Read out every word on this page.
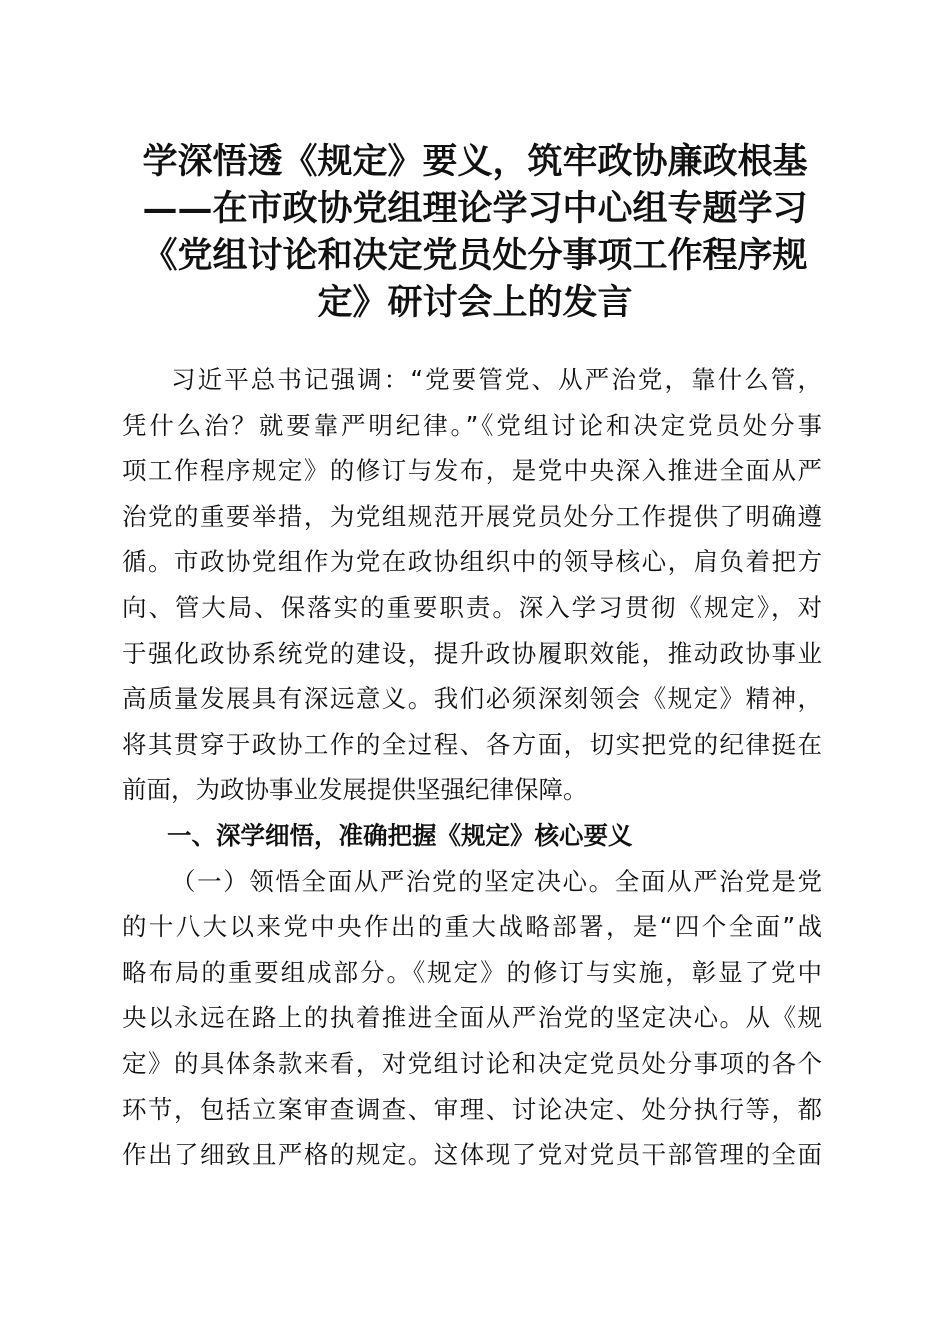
学深悟透《规定》要义，筑牢政协廉政根基
——在市政协党组理论学习中心组专题学习
《党组讨论和决定党员处分事项工作程序规
定》研讨会上的发言
习近平总书记强调：“党要管党、从严治党，靠什么管，
凭什么治？就要靠严明纪律。”《党组讨论和决定党员处分事
项工作程序规定》的修订与发布，是党中央深入推进全面从严
治党的重要举措，为党组规范开展党员处分工作提供了明确遵
循。市政协党组作为党在政协组织中的领导核心，肩负着把方
向、管大局、保落实的重要职责。深入学习贯彻《规定》，对
于强化政协系统党的建设，提升政协履职效能，推动政协事业
高质量发展具有深远意义。我们必须深刻领会《规定》精神，
将其贯穿于政协工作的全过程、各方面，切实把党的纪律挺在
前面，为政协事业发展提供坚强纪律保障。
一、深学细悟，准确把握《规定》核心要义
（一）领悟全面从严治党的坚定决心。全面从严治党是党
的十八大以来党中央作出的重大战略部署，是“四个全面”战
略布局的重要组成部分。《规定》的修订与实施，彰显了党中
央以永远在路上的执着推进全面从严治党的坚定决心。从《规
定》的具体条款来看，对党组讨论和决定党员处分事项的各个
环节，包括立案审查调查、审理、讨论决定、处分执行等，都
作出了细致且严格的规定。这体现了党对党员干部管理的全面
